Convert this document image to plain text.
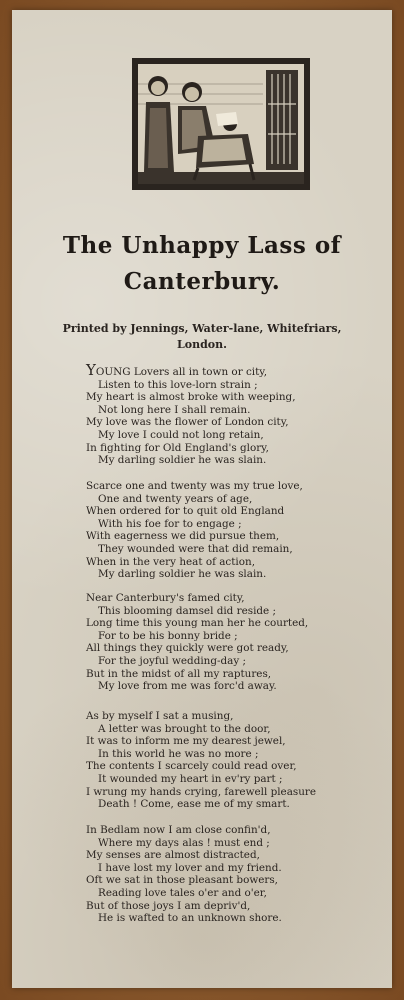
The Unhappy Lass of
Canterbury.
Printed by Jennings, Water-lane, Whitefriars,
London.
YOUNG Lovers all in town or city,
Listen to this love-lorn strain ;
My heart is almost broke with weeping,
Not long here I shall remain.
My love was the flower of London city,
My love I could not long retain,
In fighting for Old England's glory,
My darling soldier he was slain.
Scarce one and twenty was my true love,
One and twenty years of age,
When ordered for to quit old England
With his foe for to engage ;
With eagerness we did pursue them,
They wounded were that did remain,
When in the very heat of action,
My darling soldier he was slain.
Near Canterbury's famed city,
This blooming damsel did reside ;
Long time this young man her he courted,
For to be his bonny bride ;
All things they quickly were got ready,
For the joyful wedding-day ;
But in the midst of all my raptures,
My love from me was forc'd away.
As by myself I sat a musing,
A letter was brought to the door,
It was to inform me my dearest jewel,
In this world he was no more ;
The contents I scarcely could read over,
It wounded my heart in ev'ry part ;
I wrung my hands crying, farewell pleasure
Death ! Come, ease me of my smart.
In Bedlam now I am close confin'd,
Where my days alas ! must end ;
My senses are almost distracted,
I have lost my lover and my friend.
Oft we sat in those pleasant bowers,
Reading love tales o'er and o'er,
But of those joys I am depriv'd,
He is wafted to an unknown shore.
